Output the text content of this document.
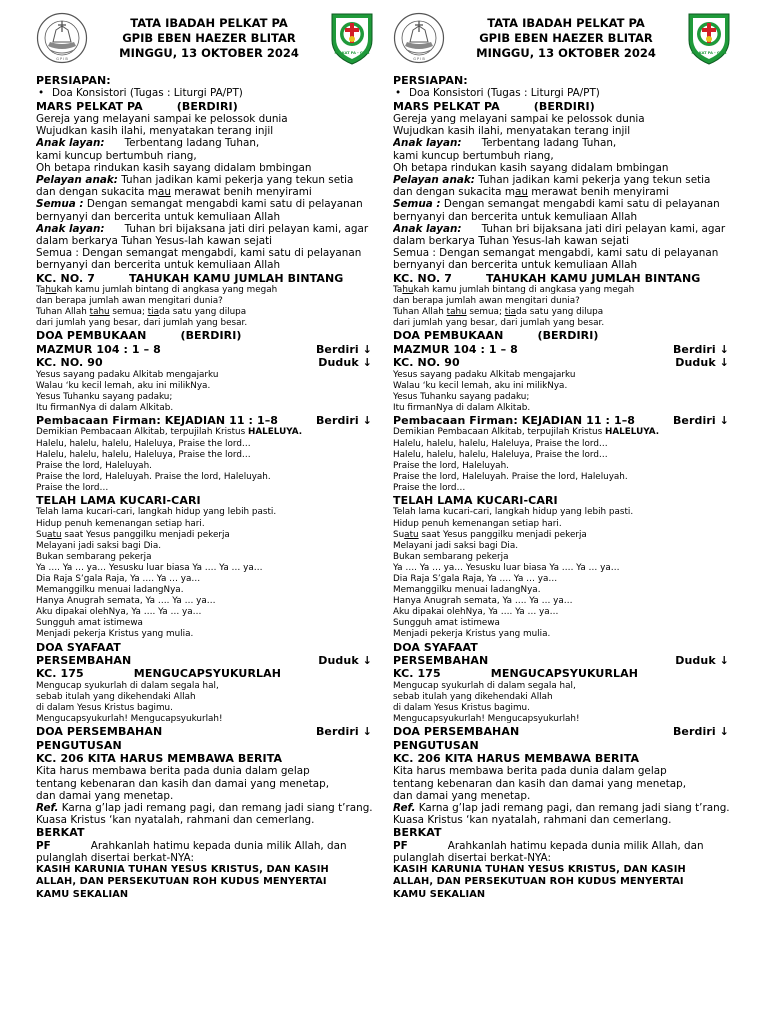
G P I B
TATA IBADAH PELKAT PA
GPIB EBEN HAEZER BLITAR
MINGGU, 13 OKTOBER 2024	PELKAT PA - GPIB
PERSIAPAN:
• Doa Konsistori (Tugas : Liturgi PA/PT)
MARS PELKAT PA	(BERDIRI)
Gereja yang melayani sampai ke pelossok dunia
Wujudkan kasih ilahi, menyatakan terang injil
Anak layan: Terbentang ladang Tuhan,
kami kuncup bertumbuh riang,
Oh betapa rindukan kasih sayang didalam bmbingan
Pelayan anak: Tuhan jadikan kami pekerja yang tekun setia
dan dengan sukacita mau merawat benih menyirami
Semua : Dengan semangat mengabdi kami satu di pelayanan
bernyanyi dan bercerita untuk kemuliaan Allah
Anak layan: Tuhan bri bijaksana jati diri pelayan kami, agar
dalam berkarya Tuhan Yesus-lah kawan sejati
Semua : Dengan semangat mengabdi, kami satu di pelayanan
bernyanyi dan bercerita untuk kemuliaan Allah
KC. NO. 7	TAHUKAH KAMU JUMLAH BINTANG
Tahukah kamu jumlah bintang di angkasa yang megah
dan berapa jumlah awan mengitari dunia?
Tuhan Allah tahu semua; tiada satu yang dilupa
dari jumlah yang besar, dari jumlah yang besar.
DOA PEMBUKAAN	(BERDIRI)
MAZMUR 104 : 1 – 8	Berdiri ↓
KC. NO. 90	Duduk ↓
Yesus sayang padaku Alkitab mengajarku
Walau ‘ku kecil lemah, aku ini milikNya.
Yesus Tuhanku sayang padaku;
Itu firmanNya di dalam Alkitab.
Pembacaan Firman: KEJADIAN 11 : 1–8	Berdiri ↓
Demikian Pembacaan Alkitab, terpujilah Kristus HALELUYA.
Halelu, halelu, halelu, Haleluya, Praise the lord…
Halelu, halelu, halelu, Haleluya, Praise the lord…
Praise the lord, Haleluyah.
Praise the lord, Haleluyah. Praise the lord, Haleluyah.
Praise the lord…
TELAH LAMA KUCARI-CARI
Telah lama kucari-cari, langkah hidup yang lebih pasti.
Hidup penuh kemenangan setiap hari.
Suatu saat Yesus panggilku menjadi pekerja
Melayani jadi saksi bagi Dia.
Bukan sembarang pekerja
Ya …. Ya … ya… Yesusku luar biasa Ya …. Ya … ya…
Dia Raja S’gala Raja, Ya …. Ya … ya…
Memanggilku menuai ladangNya.
Hanya Anugrah semata, Ya …. Ya … ya…
Aku dipakai olehNya, Ya …. Ya … ya…
Sungguh amat istimewa
Menjadi pekerja Kristus yang mulia.
DOA SYAFAAT
PERSEMBAHAN	Duduk ↓
KC. 175	MENGUCAPSYUKURLAH
Mengucap syukurlah di dalam segala hal,
sebab itulah yang dikehendaki Allah
di dalam Yesus Kristus bagimu.
Mengucapsyukurlah! Mengucapsyukurlah!
DOA PERSEMBAHAN	Berdiri ↓
PENGUTUSAN
KC. 206 KITA HARUS MEMBAWA BERITA
Kita harus membawa berita pada dunia dalam gelap
tentang kebenaran dan kasih dan damai yang menetap,
dan damai yang menetap.
Ref. Karna g’lap jadi remang pagi, dan remang jadi siang t’rang.
Kuasa Kristus ‘kan nyatalah, rahmani dan cemerlang.
BERKAT
PF	Arahkanlah hatimu kepada dunia milik Allah, dan
pulanglah disertai berkat-NYA:
KASIH KARUNIA TUHAN YESUS KRISTUS, DAN KASIH
ALLAH, DAN PERSEKUTUAN ROH KUDUS MENYERTAI
KAMU SEKALIAN
G P I B
TATA IBADAH PELKAT PA
GPIB EBEN HAEZER BLITAR
MINGGU, 13 OKTOBER 2024	PELKAT PA - GPIB
PERSIAPAN:
• Doa Konsistori (Tugas : Liturgi PA/PT)
MARS PELKAT PA	(BERDIRI)
Gereja yang melayani sampai ke pelossok dunia
Wujudkan kasih ilahi, menyatakan terang injil
Anak layan: Terbentang ladang Tuhan,
kami kuncup bertumbuh riang,
Oh betapa rindukan kasih sayang didalam bmbingan
Pelayan anak: Tuhan jadikan kami pekerja yang tekun setia
dan dengan sukacita mau merawat benih menyirami
Semua : Dengan semangat mengabdi kami satu di pelayanan
bernyanyi dan bercerita untuk kemuliaan Allah
Anak layan: Tuhan bri bijaksana jati diri pelayan kami, agar
dalam berkarya Tuhan Yesus-lah kawan sejati
Semua : Dengan semangat mengabdi, kami satu di pelayanan
bernyanyi dan bercerita untuk kemuliaan Allah
KC. NO. 7	TAHUKAH KAMU JUMLAH BINTANG
Tahukah kamu jumlah bintang di angkasa yang megah
dan berapa jumlah awan mengitari dunia?
Tuhan Allah tahu semua; tiada satu yang dilupa
dari jumlah yang besar, dari jumlah yang besar.
DOA PEMBUKAAN	(BERDIRI)
MAZMUR 104 : 1 – 8	Berdiri ↓
KC. NO. 90	Duduk ↓
Yesus sayang padaku Alkitab mengajarku
Walau ‘ku kecil lemah, aku ini milikNya.
Yesus Tuhanku sayang padaku;
Itu firmanNya di dalam Alkitab.
Pembacaan Firman: KEJADIAN 11 : 1–8	Berdiri ↓
Demikian Pembacaan Alkitab, terpujilah Kristus HALELUYA.
Halelu, halelu, halelu, Haleluya, Praise the lord…
Halelu, halelu, halelu, Haleluya, Praise the lord…
Praise the lord, Haleluyah.
Praise the lord, Haleluyah. Praise the lord, Haleluyah.
Praise the lord…
TELAH LAMA KUCARI-CARI
Telah lama kucari-cari, langkah hidup yang lebih pasti.
Hidup penuh kemenangan setiap hari.
Suatu saat Yesus panggilku menjadi pekerja
Melayani jadi saksi bagi Dia.
Bukan sembarang pekerja
Ya …. Ya … ya… Yesusku luar biasa Ya …. Ya … ya…
Dia Raja S’gala Raja, Ya …. Ya … ya…
Memanggilku menuai ladangNya.
Hanya Anugrah semata, Ya …. Ya … ya…
Aku dipakai olehNya, Ya …. Ya … ya…
Sungguh amat istimewa
Menjadi pekerja Kristus yang mulia.
DOA SYAFAAT
PERSEMBAHAN	Duduk ↓
KC. 175	MENGUCAPSYUKURLAH
Mengucap syukurlah di dalam segala hal,
sebab itulah yang dikehendaki Allah
di dalam Yesus Kristus bagimu.
Mengucapsyukurlah! Mengucapsyukurlah!
DOA PERSEMBAHAN	Berdiri ↓
PENGUTUSAN
KC. 206 KITA HARUS MEMBAWA BERITA
Kita harus membawa berita pada dunia dalam gelap
tentang kebenaran dan kasih dan damai yang menetap,
dan damai yang menetap.
Ref. Karna g’lap jadi remang pagi, dan remang jadi siang t’rang.
Kuasa Kristus ‘kan nyatalah, rahmani dan cemerlang.
BERKAT
PF	Arahkanlah hatimu kepada dunia milik Allah, dan
pulanglah disertai berkat-NYA:
KASIH KARUNIA TUHAN YESUS KRISTUS, DAN KASIH
ALLAH, DAN PERSEKUTUAN ROH KUDUS MENYERTAI
KAMU SEKALIAN
